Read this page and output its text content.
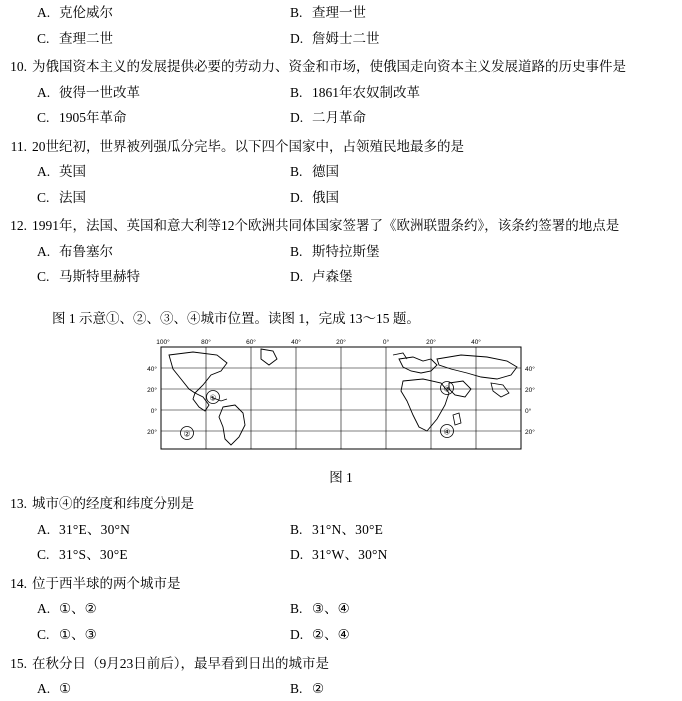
A. 克伦威尔	B. 查理一世
C. 查理二世	D. 詹姆士二世
10. 为俄国资本主义的发展提供必要的劳动力、资金和市场，使俄国走向资本主义发展道路的历史事件是
A. 彼得一世改革	B. 1861年农奴制改革
C. 1905年革命	D. 二月革命
11. 20世纪初，世界被列强瓜分完毕。以下四个国家中，占领殖民地最多的是
A. 英国	B. 德国
C. 法国	D. 俄国
12. 1991年，法国、英国和意大利等12个欧洲共同体国家签署了《欧洲联盟条约》，该条约签署的地点是
A. 布鲁塞尔	B. 斯特拉斯堡
C. 马斯特里赫特	D. 卢森堡
图 1 示意①、②、③、④城市位置。读图 1，完成 13～15 题。
①
②
③
④
100°	80°	60°	40°	20°	0°	20°	40°
40°
20°
0°
20°
40°
20°
0°
20°
图 1
13. 城市④的经度和纬度分别是
A. 31°E、30°N	B. 31°N、30°E
C. 31°S、30°E	D. 31°W、30°N
14. 位于西半球的两个城市是
A. ①、②	B. ③、④
C. ①、③	D. ②、④
15. 在秋分日（9月23日前后），最早看到日出的城市是
A. ①	B. ②
